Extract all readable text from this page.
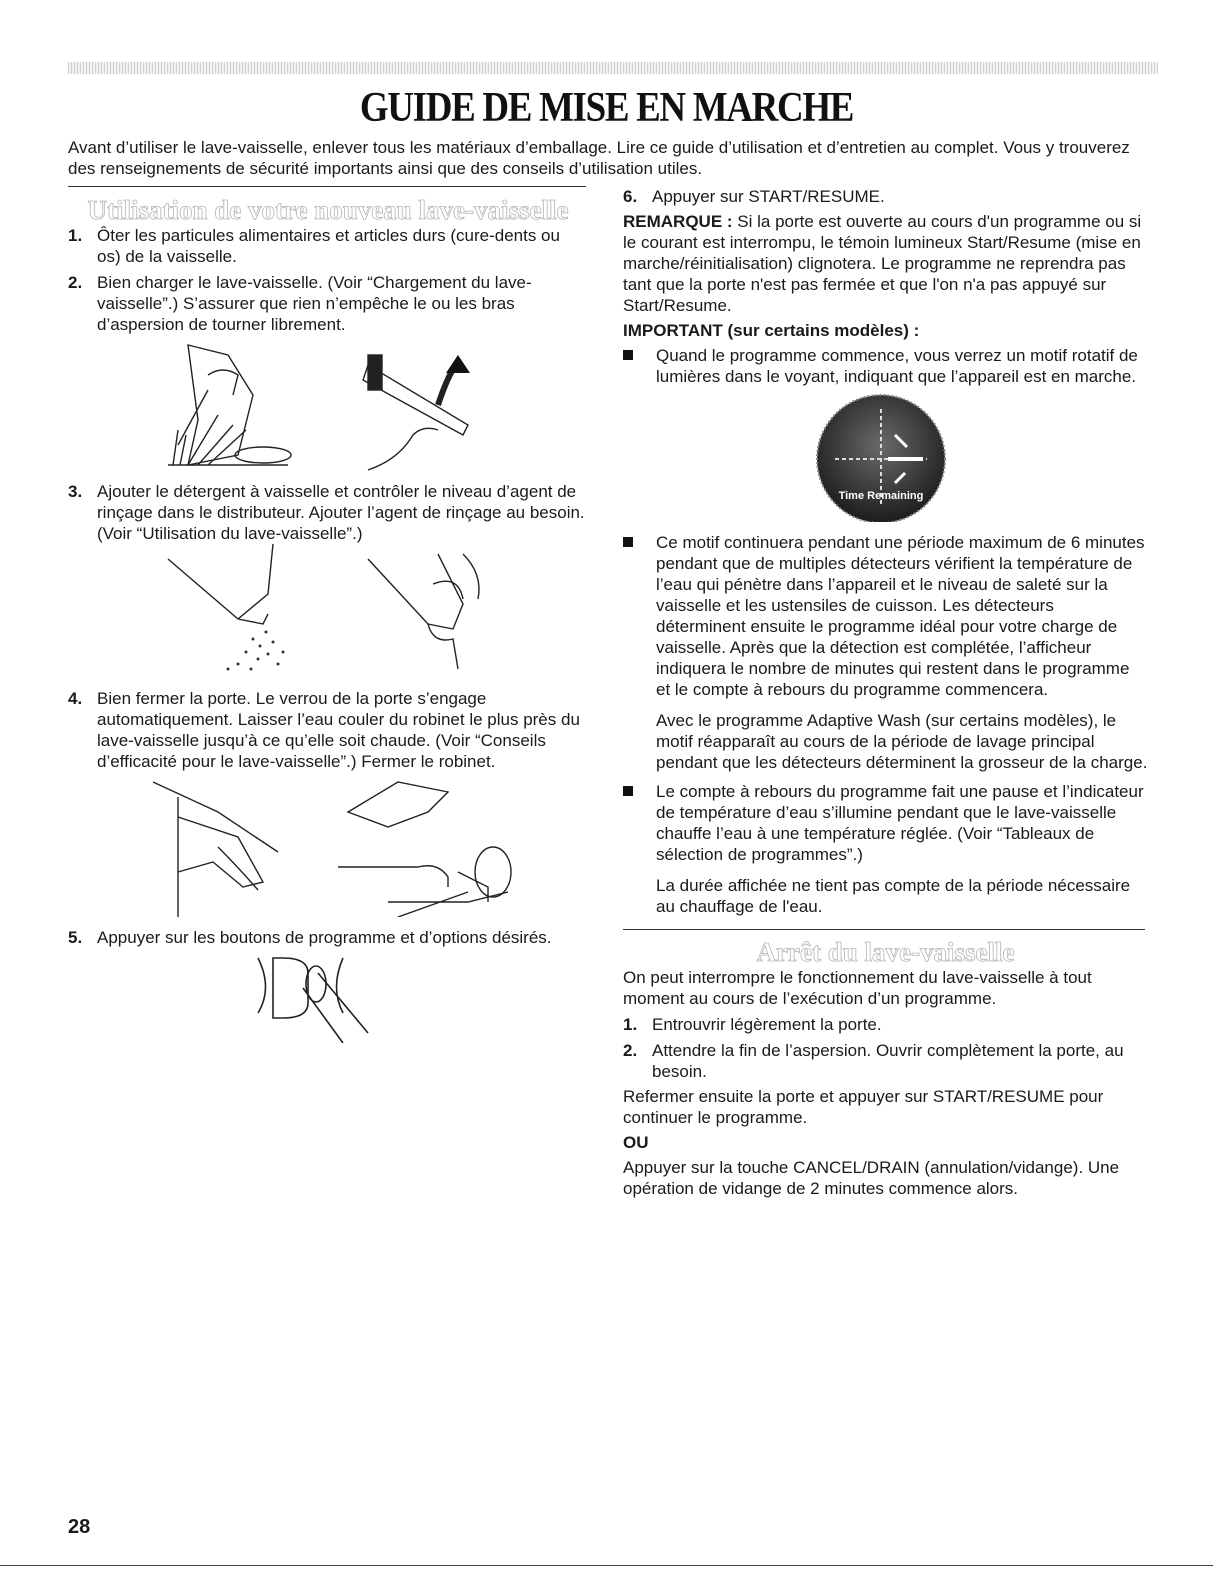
GUIDE DE MISE EN MARCHE

Avant d’utiliser le lave-vaisselle, enlever tous les matériaux d’emballage. Lire ce guide d’utilisation et d’entretien au complet. Vous y trouverez des renseignements de sécurité importants ainsi que des conseils d’utilisation utiles.

Utilisation de votre nouveau lave-vaisselle
1. Ôter les particules alimentaires et articles durs (cure-dents ou os) de la vaisselle.
2. Bien charger le lave-vaisselle. (Voir “Chargement du lave-vaisselle”.) S’assurer que rien n’empêche le ou les bras d’aspersion de tourner librement.
3. Ajouter le détergent à vaisselle et contrôler le niveau d’agent de rinçage dans le distributeur. Ajouter l’agent de rinçage au besoin. (Voir “Utilisation du lave-vaisselle”.)
4. Bien fermer la porte. Le verrou de la porte s’engage automatiquement. Laisser l’eau couler du robinet le plus près du lave-vaisselle jusqu’à ce qu’elle soit chaude. (Voir “Conseils d’efficacité pour le lave-vaisselle”.) Fermer le robinet.
5. Appuyer sur les boutons de programme et d’options désirés.
6. Appuyer sur START/RESUME.

REMARQUE : Si la porte est ouverte au cours d'un programme ou si le courant est interrompu, le témoin lumineux Start/Resume (mise en marche/réinitialisation) clignotera. Le programme ne reprendra pas tant que la porte n'est pas fermée et que l'on n'a pas appuyé sur Start/Resume.

IMPORTANT (sur certains modèles) :

Quand le programme commence, vous verrez un motif rotatif de lumières dans le voyant, indiquant que l’appareil est en marche.
Time Remaining
Ce motif continuera pendant une période maximum de 6 minutes pendant que de multiples détecteurs vérifient la température de l’eau qui pénètre dans l’appareil et le niveau de saleté sur la vaisselle et les ustensiles de cuisson. Les détecteurs déterminent ensuite le programme idéal pour votre charge de vaisselle. Après que la détection est complétée, l’afficheur indiquera le nombre de minutes qui restent dans le programme et le compte à rebours du programme commencera.

Avec le programme Adaptive Wash (sur certains modèles), le motif réapparaît au cours de la période de lavage principal pendant que les détecteurs déterminent la grosseur de la charge.

Le compte à rebours du programme fait une pause et l’indicateur de température d’eau s’illumine pendant que le lave-vaisselle chauffe l’eau à une température réglée. (Voir “Tableaux de sélection de programmes”.)

La durée affichée ne tient pas compte de la période nécessaire au chauffage de l'eau.

Arrêt du lave-vaisselle

On peut interrompre le fonctionnement du lave-vaisselle à tout moment au cours de l’exécution d’un programme.

1. Entrouvrir légèrement la porte.
2. Attendre la fin de l’aspersion. Ouvrir complètement la porte, au besoin.

Refermer ensuite la porte et appuyer sur START/RESUME pour continuer le programme.

OU

Appuyer sur la touche CANCEL/DRAIN (annulation/vidange). Une opération de vidange de 2 minutes commence alors.

28
